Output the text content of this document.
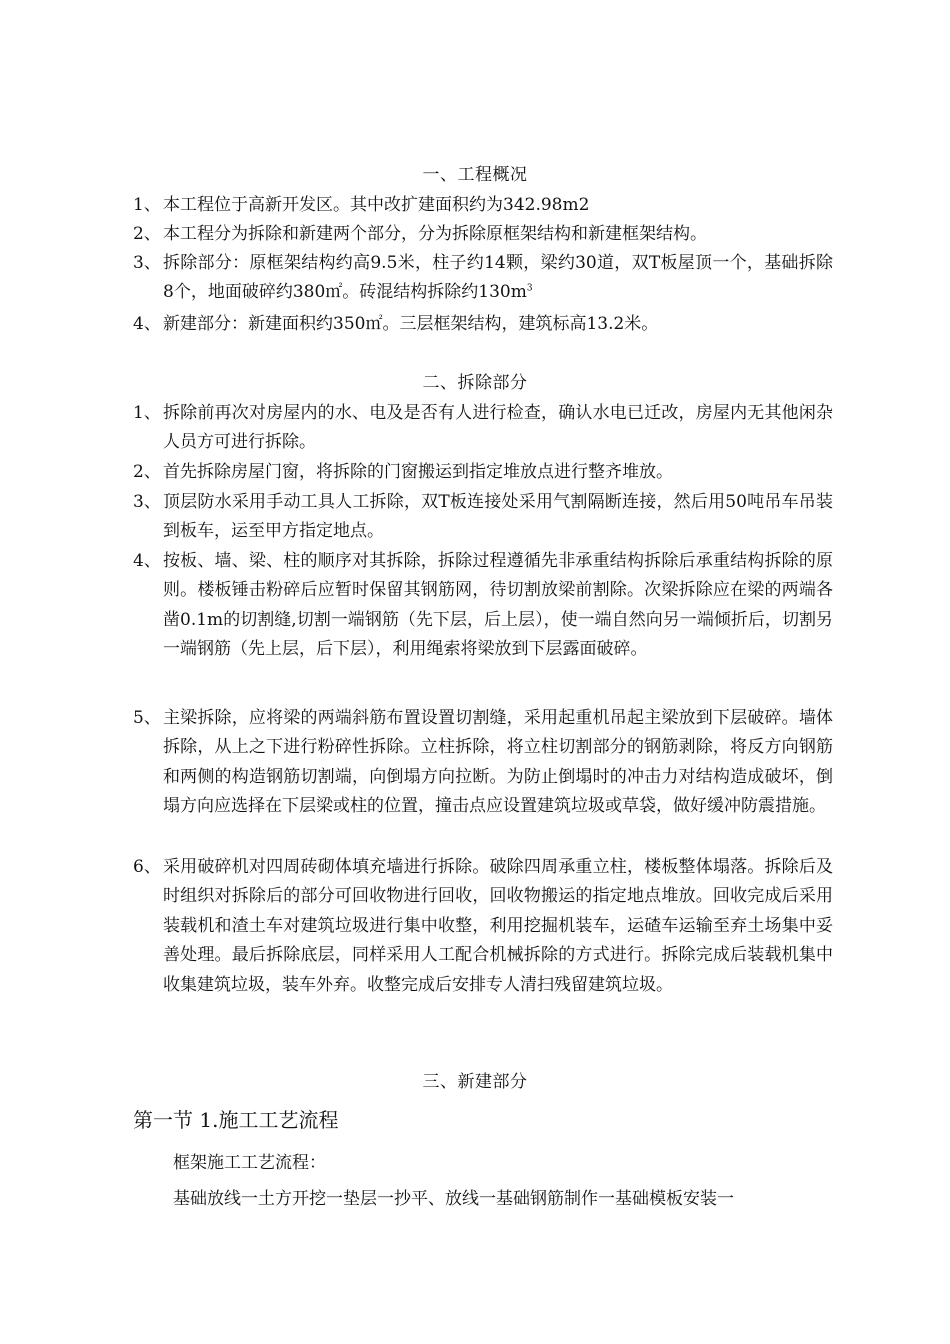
一、工程概况
1、 本工程位于高新开发区。其中改扩建面积约为342.98m2
2、 本工程分为拆除和新建两个部分，分为拆除原框架结构和新建框架结构。
3、 拆除部分：原框架结构约高9.5米，柱子约14颗，梁约30道，双T板屋顶一个，基础拆除8个，地面破碎约380㎡。砖混结构拆除约$130m^3$
4、 新建部分：新建面积约350㎡。三层框架结构，建筑标高13.2米。
二、拆除部分
1、 拆除前再次对房屋内的水、电及是否有人进行检查，确认水电已迁改，房屋内无其他闲杂人员方可进行拆除。
2、 首先拆除房屋门窗，将拆除的门窗搬运到指定堆放点进行整齐堆放。
3、 顶层防水采用手动工具人工拆除，双T板连接处采用气割隔断连接，然后用50吨吊车吊装到板车，运至甲方指定地点。
4、 按板、墙、梁、柱的顺序对其拆除，拆除过程遵循先非承重结构拆除后承重结构拆除的原则。楼板锤击粉碎后应暂时保留其钢筋网，待切割放梁前割除。次梁拆除应在梁的两端各凿0.1m的切割缝,切割一端钢筋（先下层，后上层），使一端自然向另一端倾折后，切割另一端钢筋（先上层，后下层），利用绳索将梁放到下层露面破碎。
5、 主梁拆除，应将梁的两端斜筋布置设置切割缝，采用起重机吊起主梁放到下层破碎。墙体拆除，从上之下进行粉碎性拆除。立柱拆除，将立柱切割部分的钢筋剥除，将反方向钢筋和两侧的构造钢筋切割端，向倒塌方向拉断。为防止倒塌时的冲击力对结构造成破坏，倒塌方向应选择在下层梁或柱的位置，撞击点应设置建筑垃圾或草袋，做好缓冲防震措施。
6、 采用破碎机对四周砖砌体填充墙进行拆除。破除四周承重立柱，楼板整体塌落。拆除后及时组织对拆除后的部分可回收物进行回收，回收物搬运的指定地点堆放。回收完成后采用装载机和渣土车对建筑垃圾进行集中收整，利用挖掘机装车，运碴车运输至弃土场集中妥善处理。最后拆除底层，同样采用人工配合机械拆除的方式进行。拆除完成后装载机集中收集建筑垃圾，装车外弃。收整完成后安排专人清扫残留建筑垃圾。
三、新建部分
第一节 1.施工工艺流程
框架施工工艺流程：
基础放线一土方开挖一垫层一抄平、放线一基础钢筋制作一基础模板安装一
